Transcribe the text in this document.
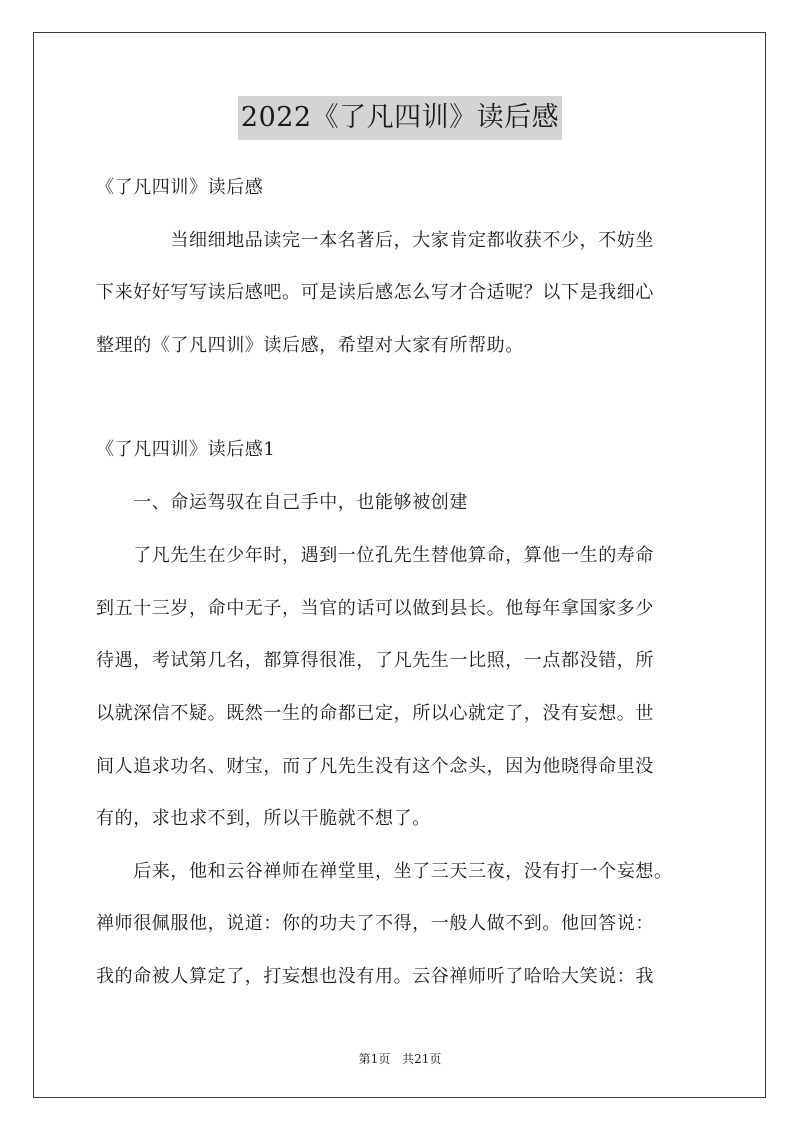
2022《了凡四训》读后感
《了凡四训》读后感
　　　　当细细地品读完一本名著后，大家肯定都收获不少，不妨坐
下来好好写写读后感吧。可是读后感怎么写才合适呢？以下是我细心
整理的《了凡四训》读后感，希望对大家有所帮助。
《了凡四训》读后感1
　　一、命运驾驭在自己手中，也能够被创建
　　了凡先生在少年时，遇到一位孔先生替他算命，算他一生的寿命
到五十三岁，命中无子，当官的话可以做到县长。他每年拿国家多少
待遇，考试第几名，都算得很准，了凡先生一比照，一点都没错，所
以就深信不疑。既然一生的命都已定，所以心就定了，没有妄想。世
间人追求功名、财宝，而了凡先生没有这个念头，因为他晓得命里没
有的，求也求不到，所以干脆就不想了。
　　后来，他和云谷禅师在禅堂里，坐了三天三夜，没有打一个妄想。
禅师很佩服他，说道：你的功夫了不得，一般人做不到。他回答说：
我的命被人算定了，打妄想也没有用。云谷禅师听了哈哈大笑说：我
第1页 共21页
